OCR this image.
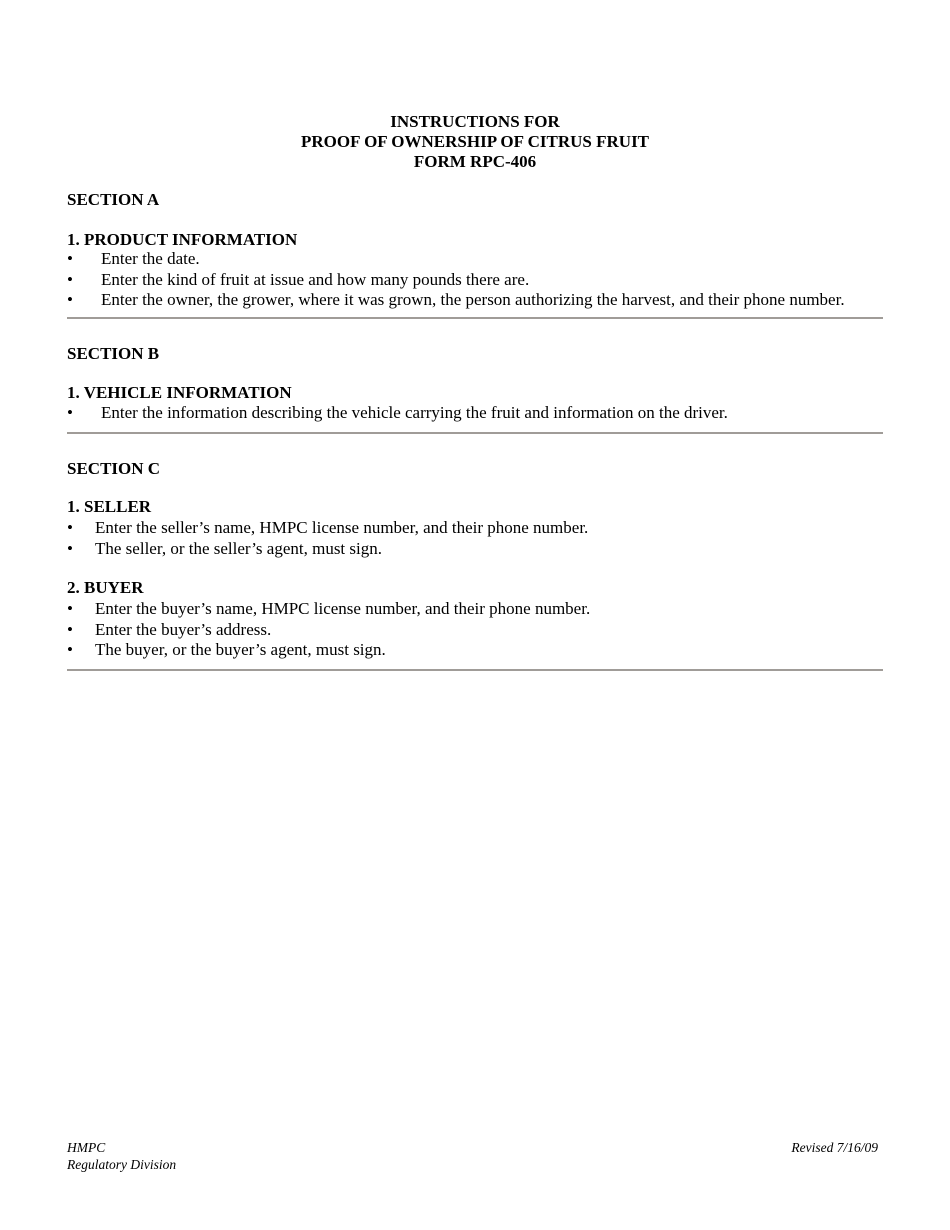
INSTRUCTIONS FOR
PROOF OF OWNERSHIP OF CITRUS FRUIT
FORM RPC-406
SECTION A
1. PRODUCT INFORMATION
• Enter the date.
• Enter the kind of fruit at issue and how many pounds there are.
• Enter the owner, the grower, where it was grown, the person authorizing the harvest, and their phone number.
SECTION B
1. VEHICLE INFORMATION
• Enter the information describing the vehicle carrying the fruit and information on the driver.
SECTION C
1. SELLER
• Enter the seller’s name, HMPC license number, and their phone number.
• The seller, or the seller’s agent, must sign.
2. BUYER
• Enter the buyer’s name, HMPC license number, and their phone number.
• Enter the buyer’s address.
• The buyer, or the buyer’s agent, must sign.
HMPC
Regulatory Division
Revised 7/16/09
